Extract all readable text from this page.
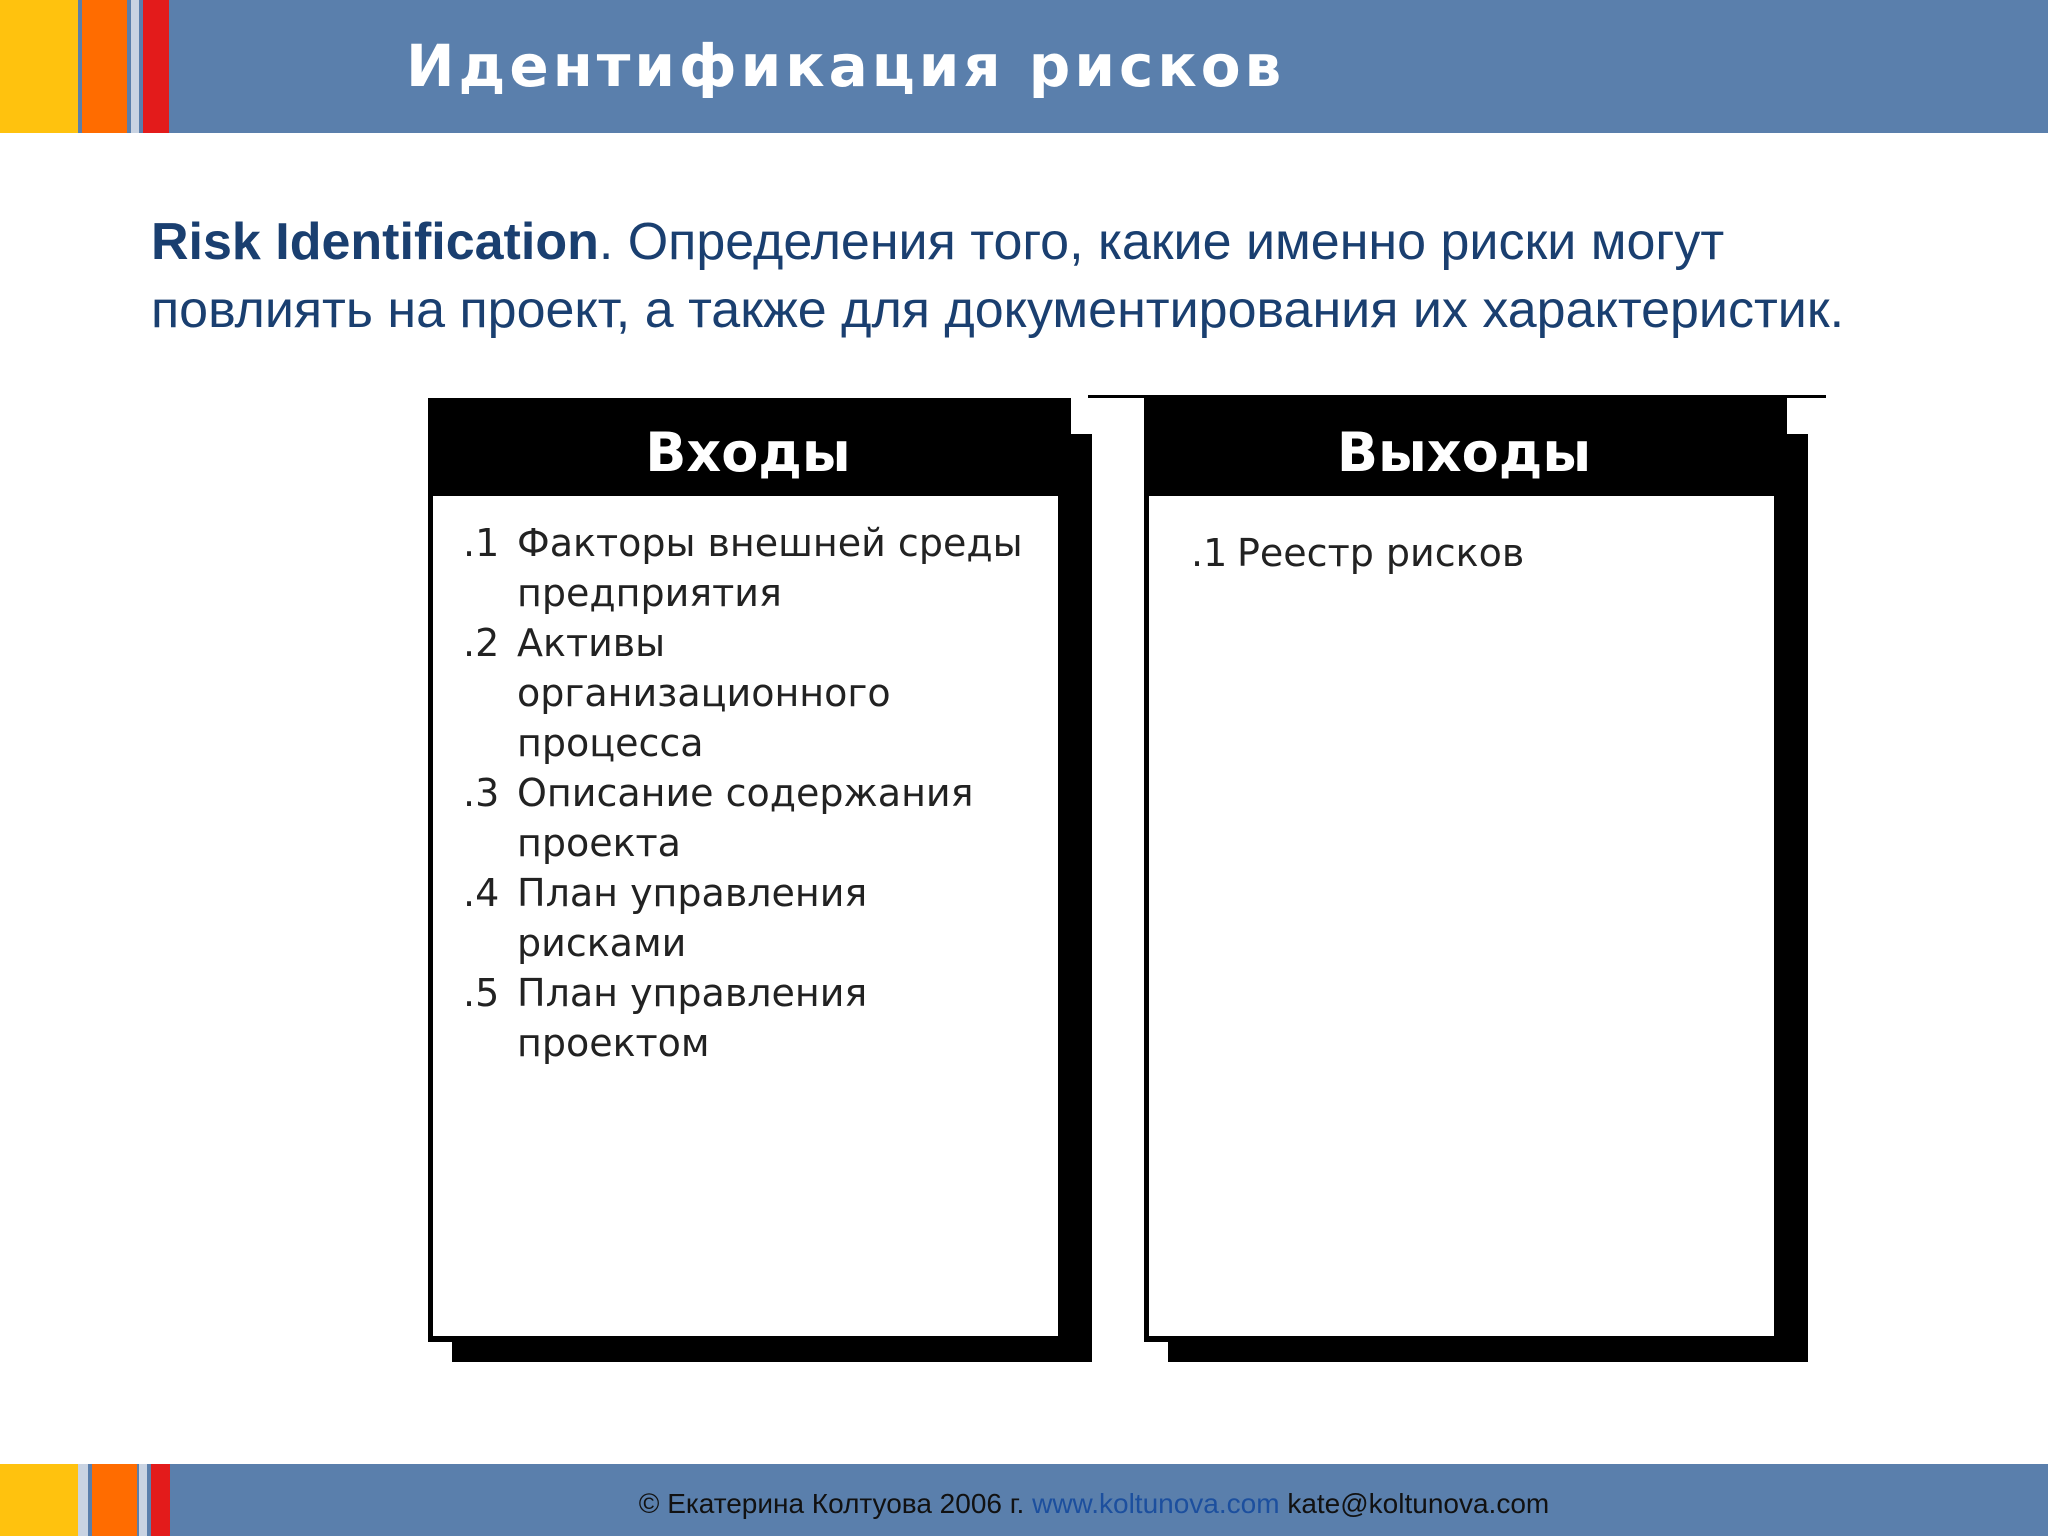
Идентификация рисков

Risk Identification. Определения того, какие именно риски могут повлиять на проект, а также для документирования их характеристик.

Входы
.1 Факторы внешней среды предприятия
.2 Активы организационного процесса
.3 Описание содержания проекта
.4 План управления рисками
.5 План управления проектом
Выходы
.1 Реестр рисков
© Екатерина Колтуова 2006 г. www.koltunova.com kate@koltunova.com
